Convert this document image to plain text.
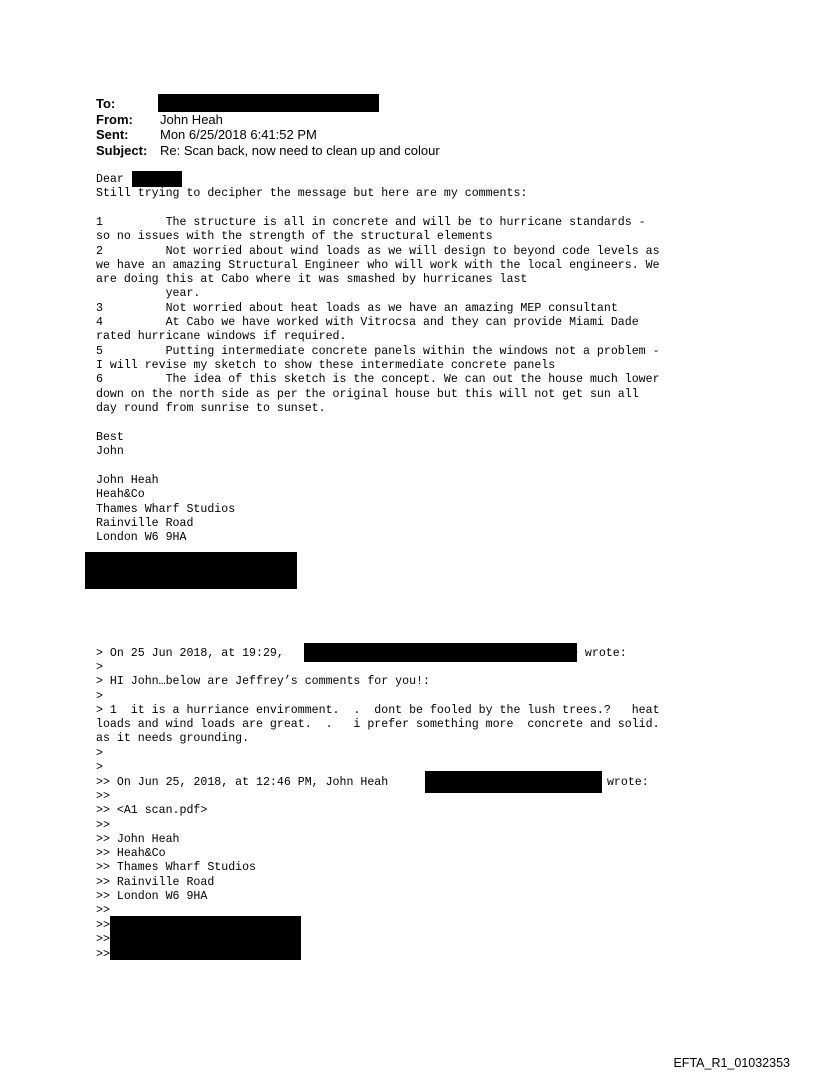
To:
From:	John Heah
Sent:	Mon 6/25/2018 6:41:52 PM
Subject: Re: Scan back, now need to clean up and colour
Dear
Still trying to decipher the message but here are my comments:
1         The structure is all in concrete and will be to hurricane standards -
so no issues with the strength of the structural elements
2         Not worried about wind loads as we will design to beyond code levels as
we have an amazing Structural Engineer who will work with the local engineers. We
are doing this at Cabo where it was smashed by hurricanes last
year.
3         Not worried about heat loads as we have an amazing MEP consultant
4         At Cabo we have worked with Vitrocsa and they can provide Miami Dade
rated hurricane windows if required.
5         Putting intermediate concrete panels within the windows not a problem -
I will revise my sketch to show these intermediate concrete panels
6         The idea of this sketch is the concept. We can out the house much lower
down on the north side as per the original house but this will not get sun all
day round from sunrise to sunset.
Best
John
John Heah
Heah&Co
Thames Wharf Studios
Rainville Road
London W6 9HA
> On 25 Jun 2018, at 19:29,	> wrote:
>
> HI John…below are Jeffrey’s comments for you!:
>
> 1  it is a hurriance enviromment.  .  dont be fooled by the lush trees.?   heat
loads and wind loads are great.  .   i prefer something more  concrete and solid.
as it needs grounding.
>
>
>> On Jun 25, 2018, at 12:46 PM, John Heah	wrote:
>>
>> <A1 scan.pdf>
>>
>> John Heah
>> Heah&Co
>> Thames Wharf Studios
>> Rainville Road
>> London W6 9HA
>>
>>
>>
>>
EFTA_R1_01032353
